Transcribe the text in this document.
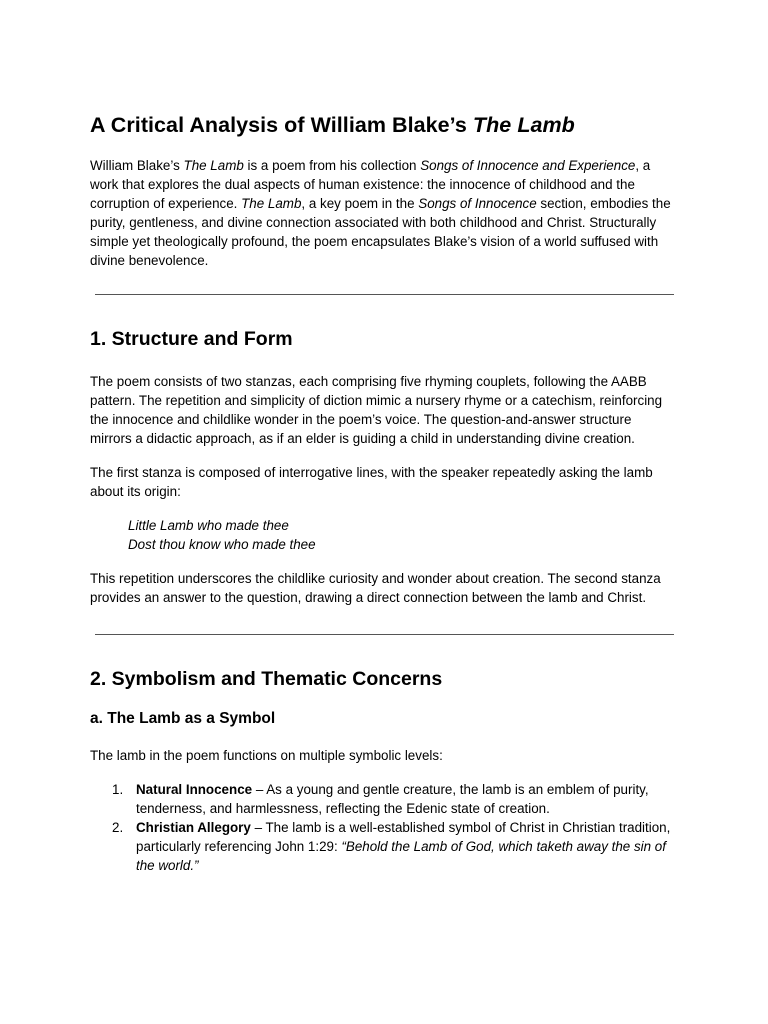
A Critical Analysis of William Blake’s The Lamb

William Blake’s The Lamb is a poem from his collection Songs of Innocence and Experience, a work that explores the dual aspects of human existence: the innocence of childhood and the corruption of experience. The Lamb, a key poem in the Songs of Innocence section, embodies the purity, gentleness, and divine connection associated with both childhood and Christ. Structurally simple yet theologically profound, the poem encapsulates Blake’s vision of a world suffused with divine benevolence.

1. Structure and Form

The poem consists of two stanzas, each comprising five rhyming couplets, following the AABB pattern. The repetition and simplicity of diction mimic a nursery rhyme or a catechism, reinforcing the innocence and childlike wonder in the poem’s voice. The question-and-answer structure mirrors a didactic approach, as if an elder is guiding a child in understanding divine creation.

The first stanza is composed of interrogative lines, with the speaker repeatedly asking the lamb about its origin:

Little Lamb who made thee
Dost thou know who made thee

This repetition underscores the childlike curiosity and wonder about creation. The second stanza provides an answer to the question, drawing a direct connection between the lamb and Christ.

2. Symbolism and Thematic Concerns
a. The Lamb as a Symbol

The lamb in the poem functions on multiple symbolic levels:

1. Natural Innocence – As a young and gentle creature, the lamb is an emblem of purity, tenderness, and harmlessness, reflecting the Edenic state of creation.
2. Christian Allegory – The lamb is a well-established symbol of Christ in Christian tradition, particularly referencing John 1:29: “Behold the Lamb of God, which taketh away the sin of the world.”
